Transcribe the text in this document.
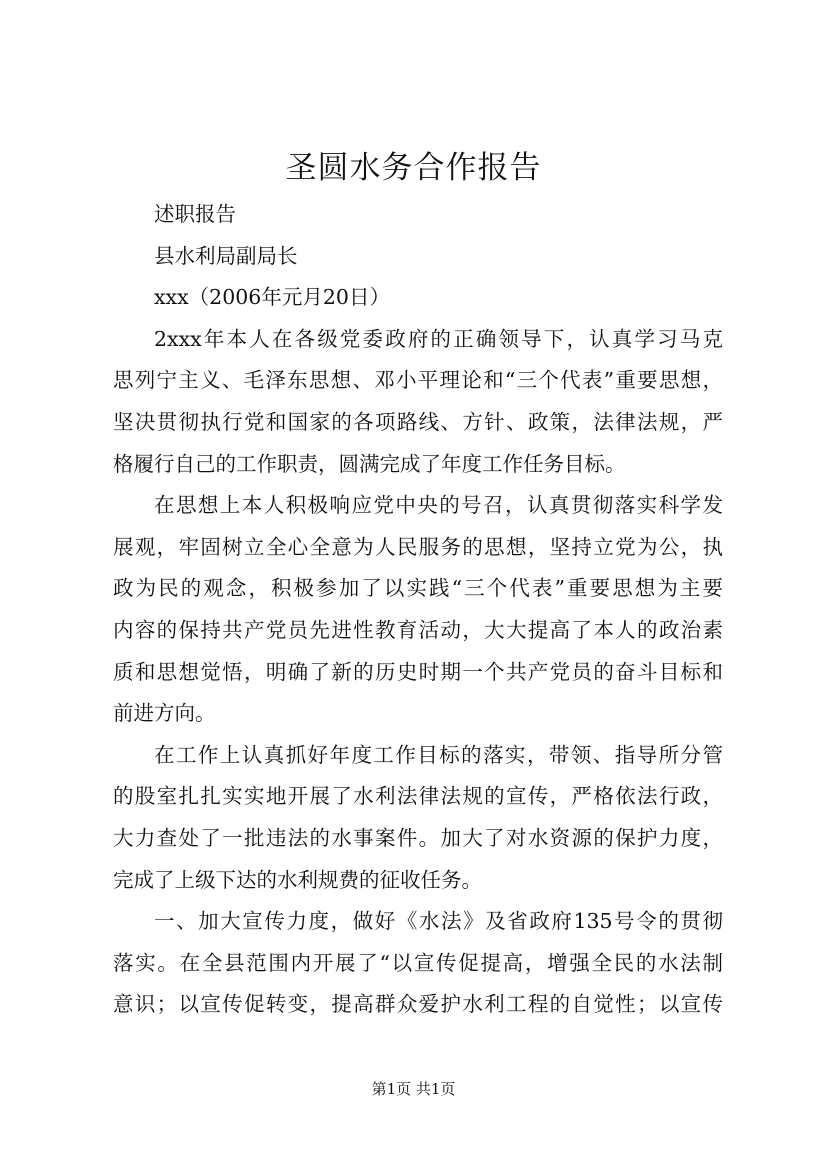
圣圆水务合作报告

述职报告

县水利局副局长

xxx（2006年元月20日）

2xxx年本人在各级党委政府的正确领导下，认真学习马克

思列宁主义、毛泽东思想、邓小平理论和“三个代表”重要思想，

坚决贯彻执行党和国家的各项路线、方针、政策，法律法规，严

格履行自己的工作职责，圆满完成了年度工作任务目标。

在思想上本人积极响应党中央的号召，认真贯彻落实科学发

展观，牢固树立全心全意为人民服务的思想，坚持立党为公，执

政为民的观念，积极参加了以实践“三个代表”重要思想为主要

内容的保持共产党员先进性教育活动，大大提高了本人的政治素

质和思想觉悟，明确了新的历史时期一个共产党员的奋斗目标和

前进方向。

在工作上认真抓好年度工作目标的落实，带领、指导所分管

的股室扎扎实实地开展了水利法律法规的宣传，严格依法行政，

大力查处了一批违法的水事案件。加大了对水资源的保护力度，

完成了上级下达的水利规费的征收任务。

一、加大宣传力度，做好《水法》及省政府135号令的贯彻

落实。在全县范围内开展了“以宣传促提高，增强全民的水法制

意识；以宣传促转变，提高群众爱护水利工程的自觉性；以宣传

第1页 共1页
